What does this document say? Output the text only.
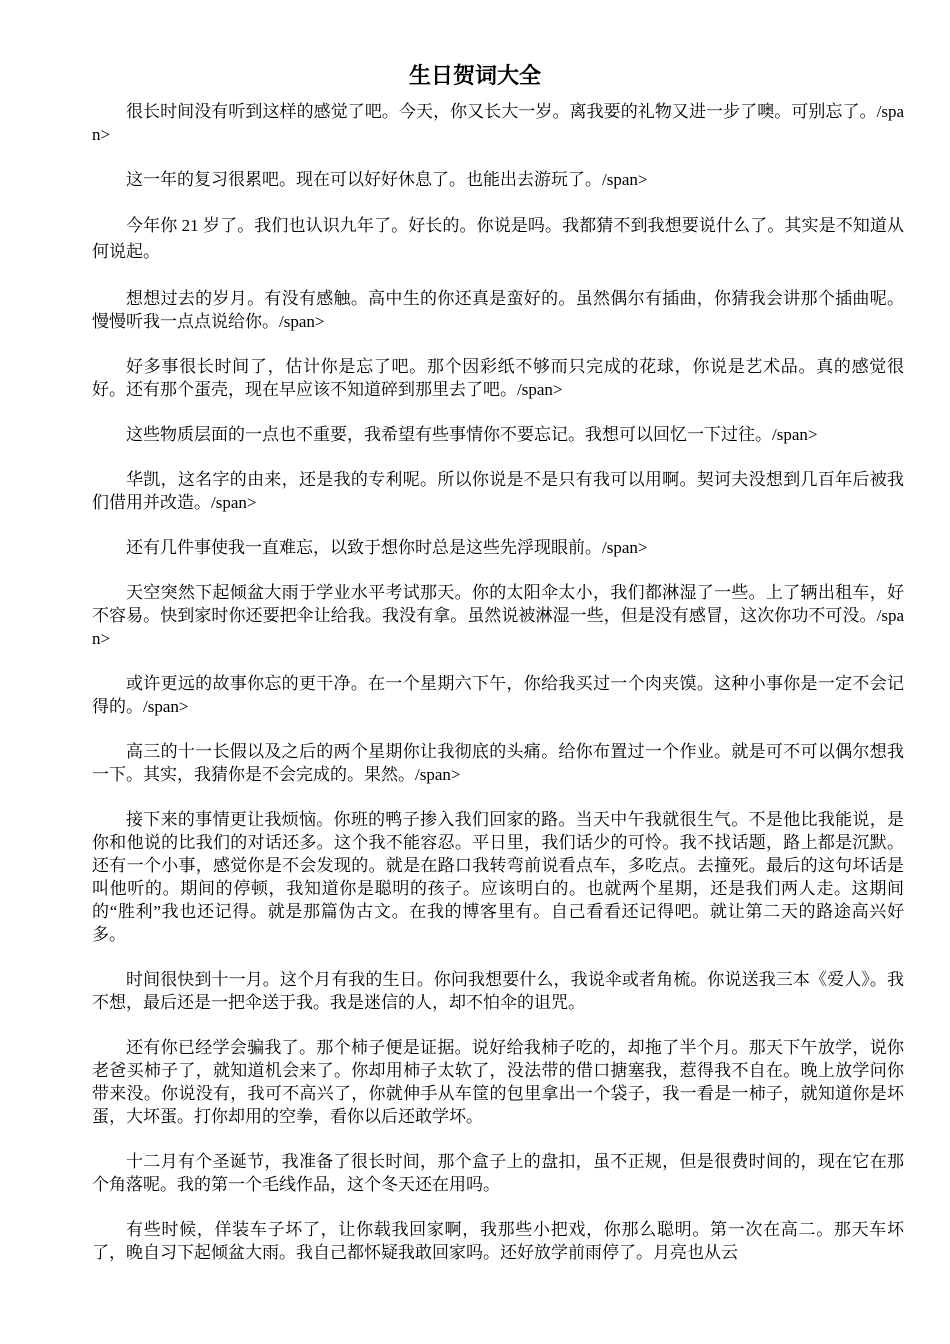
生日贺词大全

很长时间没有听到这样的感觉了吧。今天，你又长大一岁。离我要的礼物又进一步了噢。可别忘了。/span>

这一年的复习很累吧。现在可以好好休息了。也能出去游玩了。/span>

今年你 21 岁了。我们也认识九年了。好长的。你说是吗。我都猜不到我想要说什么了。其实是不知道从何说起。

想想过去的岁月。有没有感触。高中生的你还真是蛮好的。虽然偶尔有插曲，你猜我会讲那个插曲呢。慢慢听我一点点说给你。/span>

好多事很长时间了，估计你是忘了吧。那个因彩纸不够而只完成的花球，你说是艺术品。真的感觉很好。还有那个蛋壳，现在早应该不知道碎到那里去了吧。/span>

这些物质层面的一点也不重要，我希望有些事情你不要忘记。我想可以回忆一下过往。/span>

华凯，这名字的由来，还是我的专利呢。所以你说是不是只有我可以用啊。契诃夫没想到几百年后被我们借用并改造。/span>

还有几件事使我一直难忘，以致于想你时总是这些先浮现眼前。/span>

天空突然下起倾盆大雨于学业水平考试那天。你的太阳伞太小，我们都淋湿了一些。上了辆出租车，好不容易。快到家时你还要把伞让给我。我没有拿。虽然说被淋湿一些，但是没有感冒，这次你功不可没。/span>

或许更远的故事你忘的更干净。在一个星期六下午，你给我买过一个肉夹馍。这种小事你是一定不会记得的。/span>

高三的十一长假以及之后的两个星期你让我彻底的头痛。给你布置过一个作业。就是可不可以偶尔想我一下。其实，我猜你是不会完成的。果然。/span>

接下来的事情更让我烦恼。你班的鸭子掺入我们回家的路。当天中午我就很生气。不是他比我能说，是你和他说的比我们的对话还多。这个我不能容忍。平日里，我们话少的可怜。我不找话题，路上都是沉默。还有一个小事，感觉你是不会发现的。就是在路口我转弯前说看点车，多吃点。去撞死。最后的这句坏话是叫他听的。期间的停顿，我知道你是聪明的孩子。应该明白的。也就两个星期，还是我们两人走。这期间的“胜利”我也还记得。就是那篇伪古文。在我的博客里有。自己看看还记得吧。就让第二天的路途高兴好多。

时间很快到十一月。这个月有我的生日。你问我想要什么，我说伞或者角梳。你说送我三本《爱人》。我不想，最后还是一把伞送于我。我是迷信的人，却不怕伞的诅咒。

还有你已经学会骗我了。那个柿子便是证据。说好给我柿子吃的，却拖了半个月。那天下午放学，说你老爸买柿子了，就知道机会来了。你却用柿子太软了，没法带的借口搪塞我，惹得我不自在。晚上放学问你带来没。你说没有，我可不高兴了，你就伸手从车筐的包里拿出一个袋子，我一看是一柿子，就知道你是坏蛋，大坏蛋。打你却用的空拳，看你以后还敢学坏。

十二月有个圣诞节，我准备了很长时间，那个盒子上的盘扣，虽不正规，但是很费时间的，现在它在那个角落呢。我的第一个毛线作品，这个冬天还在用吗。

有些时候，佯装车子坏了，让你载我回家啊，我那些小把戏，你那么聪明。第一次在高二。那天车坏了，晚自习下起倾盆大雨。我自己都怀疑我敢回家吗。还好放学前雨停了。月亮也从云
